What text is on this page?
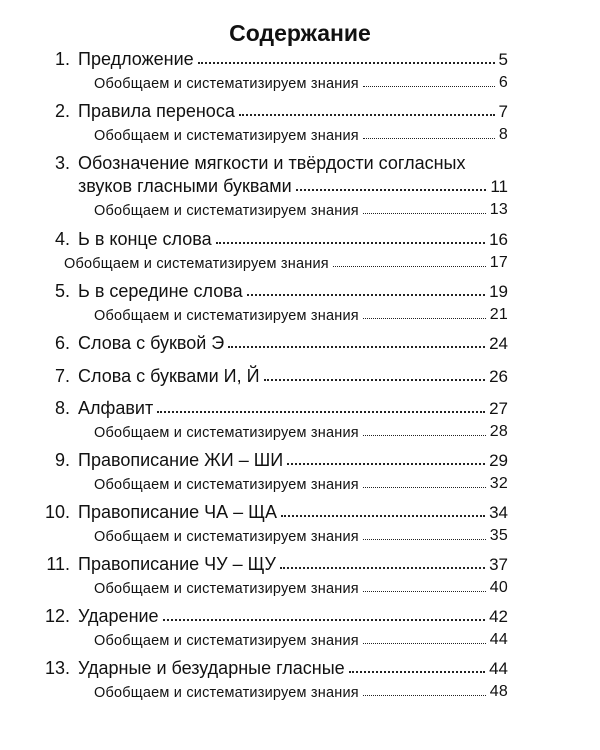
Содержание
1. Предложение	5
Обобщаем и систематизируем знания	6
2. Правила переноса	7
Обобщаем и систематизируем знания	8
3. Обозначение мягкости и твёрдости согласных
звуков гласными буквами	11
Обобщаем и систематизируем знания	13
4. Ь в конце слова	16
Обобщаем и систематизируем знания	17
5. Ь в середине слова	19
Обобщаем и систематизируем знания	21
6. Слова с буквой Э	24
7. Слова с буквами И, Й	26
8. Алфавит	27
Обобщаем и систематизируем знания	28
9. Правописание ЖИ – ШИ	29
Обобщаем и систематизируем знания	32
10. Правописание ЧА – ЩА	34
Обобщаем и систематизируем знания	35
11. Правописание ЧУ – ЩУ	37
Обобщаем и систематизируем знания	40
12. Ударение	42
Обобщаем и систематизируем знания	44
13. Ударные и безударные гласные	44
Обобщаем и систематизируем знания	48
